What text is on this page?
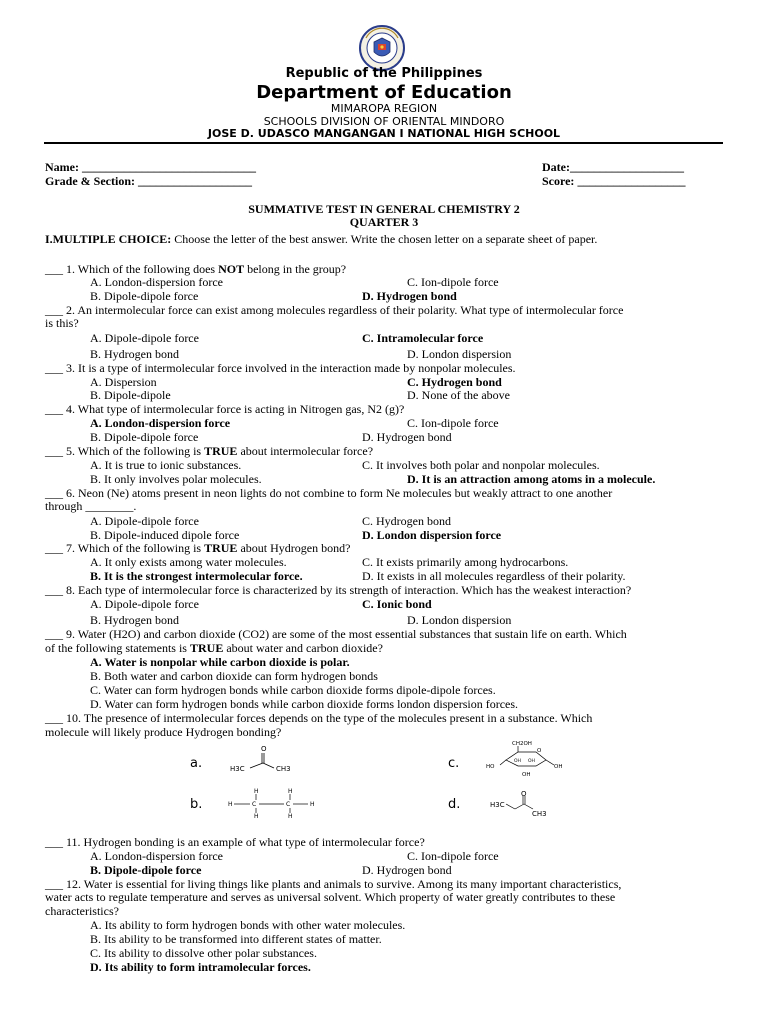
Republic of the Philippines
Department of Education
MIMAROPA REGION
SCHOOLS DIVISION OF ORIENTAL MINDORO
JOSE D. UDASCO MANGANGAN I NATIONAL HIGH SCHOOL
Name: _____________________________	Date:___________________
Grade & Section: ___________________	Score: __________________
SUMMATIVE TEST IN GENERAL CHEMISTRY 2
QUARTER 3
I.MULTIPLE CHOICE: Choose the letter of the best answer. Write the chosen letter on a separate sheet of paper.
___ 1. Which of the following does NOT belong in the group?
A. London-dispersion force	C. Ion-dipole force
B. Dipole-dipole force	D. Hydrogen bond
___ 2. An intermolecular force can exist among molecules regardless of their polarity. What type of intermolecular force
is this?
A. Dipole-dipole force	C. Intramolecular force
B. Hydrogen bond	D. London dispersion
___ 3. It is a type of intermolecular force involved in the interaction made by nonpolar molecules.
A. Dispersion	C. Hydrogen bond
B. Dipole-dipole	D. None of the above
___ 4. What type of intermolecular force is acting in Nitrogen gas, N2 (g)?
A. London-dispersion force	C. Ion-dipole force
B. Dipole-dipole force	D. Hydrogen bond
___ 5. Which of the following is TRUE about intermolecular force?
A. It is true to ionic substances.	C. It involves both polar and nonpolar molecules.
B. It only involves polar molecules.	D. It is an attraction among atoms in a molecule.
___ 6. Neon (Ne) atoms present in neon lights do not combine to form Ne molecules but weakly attract to one another
through ________.
A. Dipole-dipole force	C. Hydrogen bond
B. Dipole-induced dipole force	D. London dispersion force
___ 7. Which of the following is TRUE about Hydrogen bond?
A. It only exists among water molecules.	C. It exists primarily among hydrocarbons.
B. It is the strongest intermolecular force.	D. It exists in all molecules regardless of their polarity.
___ 8. Each type of intermolecular force is characterized by its strength of interaction. Which has the weakest interaction?
A. Dipole-dipole force	C. Ionic bond
B. Hydrogen bond	D. London dispersion
___ 9. Water (H2O) and carbon dioxide (CO2) are some of the most essential substances that sustain life on earth. Which
of the following statements is TRUE about water and carbon dioxide?
A. Water is nonpolar while carbon dioxide is polar.
B. Both water and carbon dioxide can form hydrogen bonds
C. Water can form hydrogen bonds while carbon dioxide forms dipole-dipole forces.
D. Water can form hydrogen bonds while carbon dioxide forms london dispersion forces.
___ 10. The presence of intermolecular forces depends on the type of the molecules present in a substance. Which
molecule will likely produce Hydrogen bonding?
a.
O
H3C	CH3	c.
CH2OH
O
HO
OH OH
OH
OH
b.
H	H
H	C	C	H
H	H
d.	H3C
O
CH3
___ 11. Hydrogen bonding is an example of what type of intermolecular force?
A. London-dispersion force	C. Ion-dipole force
B. Dipole-dipole force	D. Hydrogen bond
___ 12. Water is essential for living things like plants and animals to survive. Among its many important characteristics,
water acts to regulate temperature and serves as universal solvent. Which property of water greatly contributes to these
characteristics?
A. Its ability to form hydrogen bonds with other water molecules.
B. Its ability to be transformed into different states of matter.
C. Its ability to dissolve other polar substances.
D. Its ability to form intramolecular forces.
